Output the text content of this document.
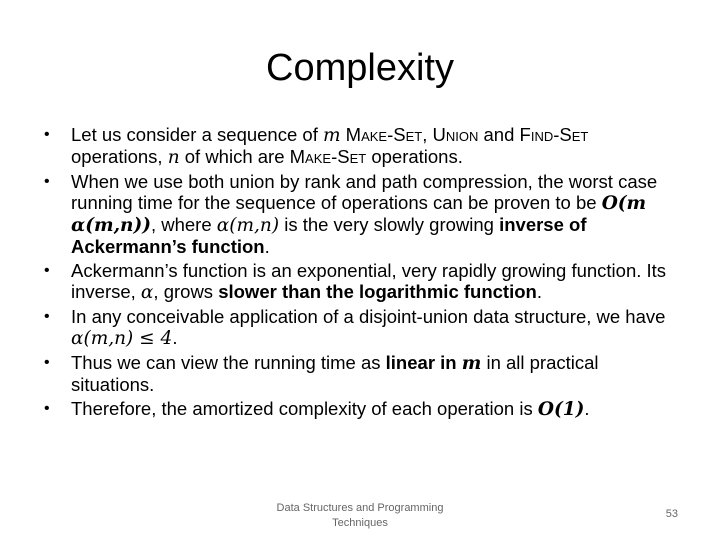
Complexity
• Let us consider a sequence of m Make-Set, Union and Find-Set operations, n of which are Make-Set operations.
• When we use both union by rank and path compression, the worst case running time for the sequence of operations can be proven to be O(m α(m,n)), where α(m,n) is the very slowly growing inverse of Ackermann’s function.
• Ackermann’s function is an exponential, very rapidly growing function. Its inverse, α, grows slower than the logarithmic function.
• In any conceivable application of a disjoint-union data structure, we have α(m,n) ≤ 4.
• Thus we can view the running time as linear in m in all practical situations.
• Therefore, the amortized complexity of each operation is O(1).
Data Structures and Programming
Techniques
53
